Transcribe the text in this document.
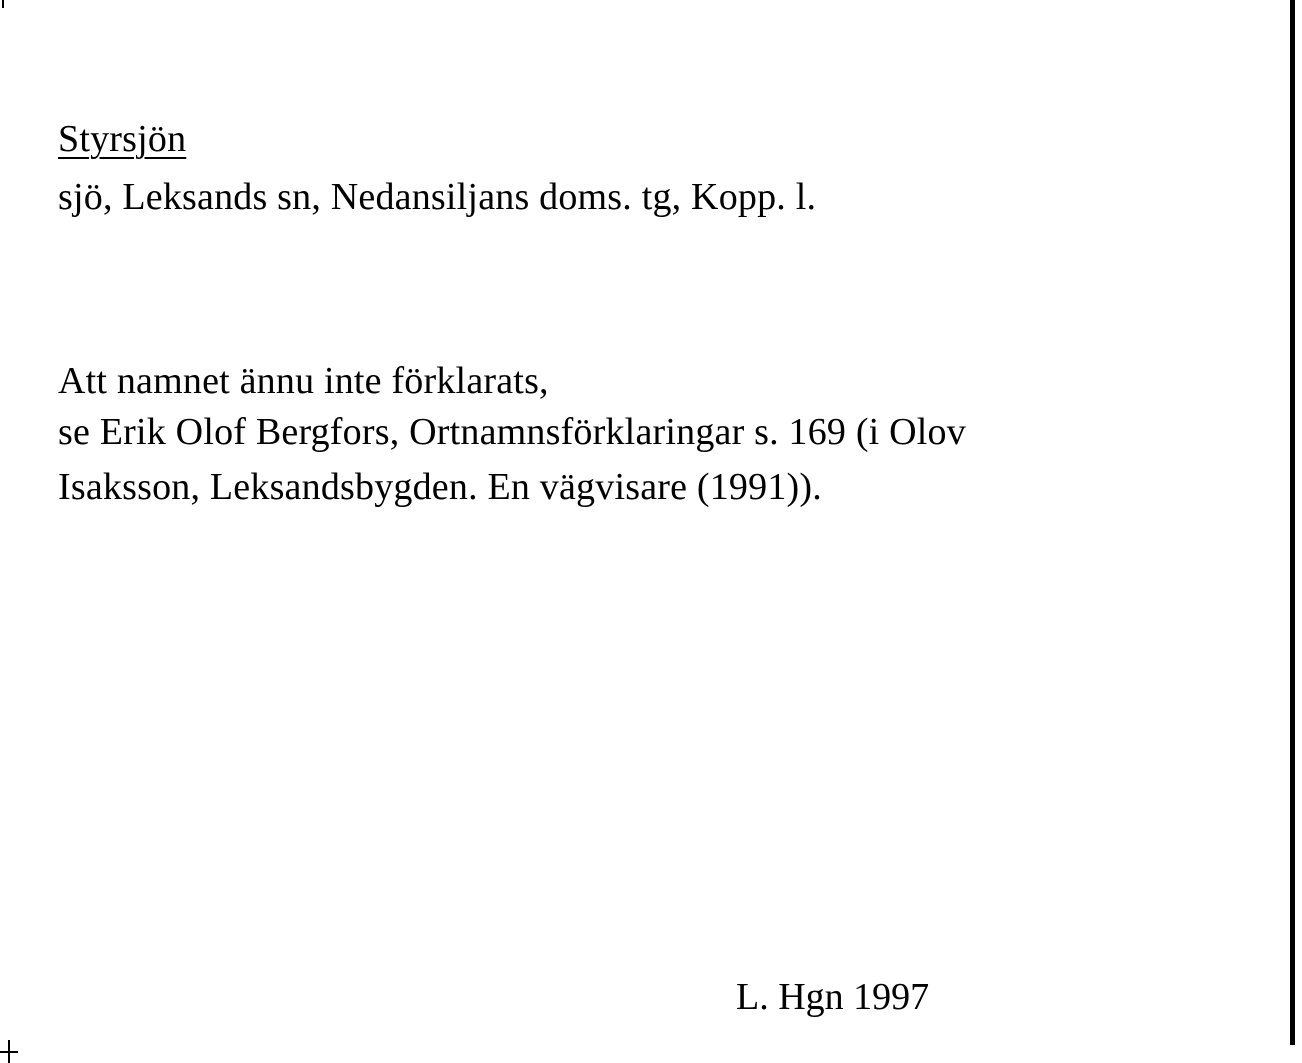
Styrsjön
sjö, Leksands sn, Nedansiljans doms. tg, Kopp. l.
Att namnet ännu inte förklarats,
se Erik Olof Bergfors, Ortnamnsförklaringar s. 169 (i Olov
Isaksson, Leksandsbygden. En vägvisare (1991)).
L. Hgn 1997
